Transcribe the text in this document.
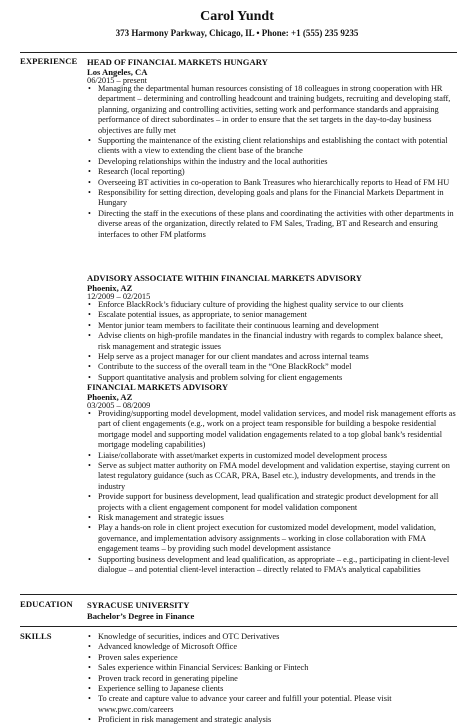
Carol Yundt
373 Harmony Parkway, Chicago, IL • Phone: +1 (555) 235 9235
EXPERIENCE HEAD OF FINANCIAL MARKETS HUNGARY
Los Angeles, CA
06/2015 – present
• Managing the departmental human resources consisting of 18 colleagues in strong cooperation with HR department – determining and controlling headcount and training budgets, recruiting and developing staff, planning, organizing and controlling activities, setting work and performance standards and appraising performance of direct subordinates – in order to ensure that the set targets in the day-to-day business objectives are fully met
• Supporting the maintenance of the existing client relationships and establishing the contact with potential clients with a view to extending the client base of the branche
• Developing relationships within the industry and the local authorities
• Research (local reporting)
• Overseeing BT activities in co-operation to Bank Treasures who hierarchically reports to Head of FM HU
• Responsibility for setting direction, developing goals and plans for the Financial Markets Department in Hungary
• Directing the staff in the executions of these plans and coordinating the activities with other departments in diverse areas of the organization, directly related to FM Sales, Trading, BT and Research and ensuring interfaces to other FM platforms
ADVISORY ASSOCIATE WITHIN FINANCIAL MARKETS ADVISORY
Phoenix, AZ
12/2009 – 02/2015
• Enforce BlackRock’s fiduciary culture of providing the highest quality service to our clients
• Escalate potential issues, as appropriate, to senior management
• Mentor junior team members to facilitate their continuous learning and development
• Advise clients on high-profile mandates in the financial industry with regards to complex balance sheet, risk management and strategic issues
• Help serve as a project manager for our client mandates and across internal teams
• Contribute to the success of the overall team in the “One BlackRock” model
• Support quantitative analysis and problem solving for client engagements
FINANCIAL MARKETS ADVISORY
Phoenix, AZ
03/2005 – 08/2009
• Providing/supporting model development, model validation services, and model risk management efforts as part of client engagements (e.g., work on a project team responsible for building a bespoke residential mortgage model and supporting model validation engagements related to a top global bank’s residential mortgage modeling capabilities)
• Liaise/collaborate with asset/market experts in customized model development process
• Serve as subject matter authority on FMA model development and validation expertise, staying current on latest regulatory guidance (such as CCAR, PRA, Basel etc.), industry developments, and trends in the industry
• Provide support for business development, lead qualification and strategic product development for all projects with a client engagement component for model validation component
• Risk management and strategic issues
• Play a hands-on role in client project execution for customized model development, model validation, governance, and implementation advisory assignments – working in close collaboration with FMA engagement teams – by providing such model development assistance
• Supporting business development and lead qualification, as appropriate – e.g., participating in client-level dialogue – and potential client-level interaction – directly related to FMA’s analytical capabilities
EDUCATION SYRACUSE UNIVERSITY
Bachelor’s Degree in Finance
SKILLS
•	Knowledge of securities, indices and OTC Derivatives
• Advanced knowledge of Microsoft Office
• Proven sales experience
• Sales experience within Financial Services: Banking or Fintech
• Proven track record in generating pipeline
• Experience selling to Japanese clients
• To create and capture value to advance your career and fulfill your potential. Please visit www.pwc.com/careers
• Proficient in risk management and strategic analysis
